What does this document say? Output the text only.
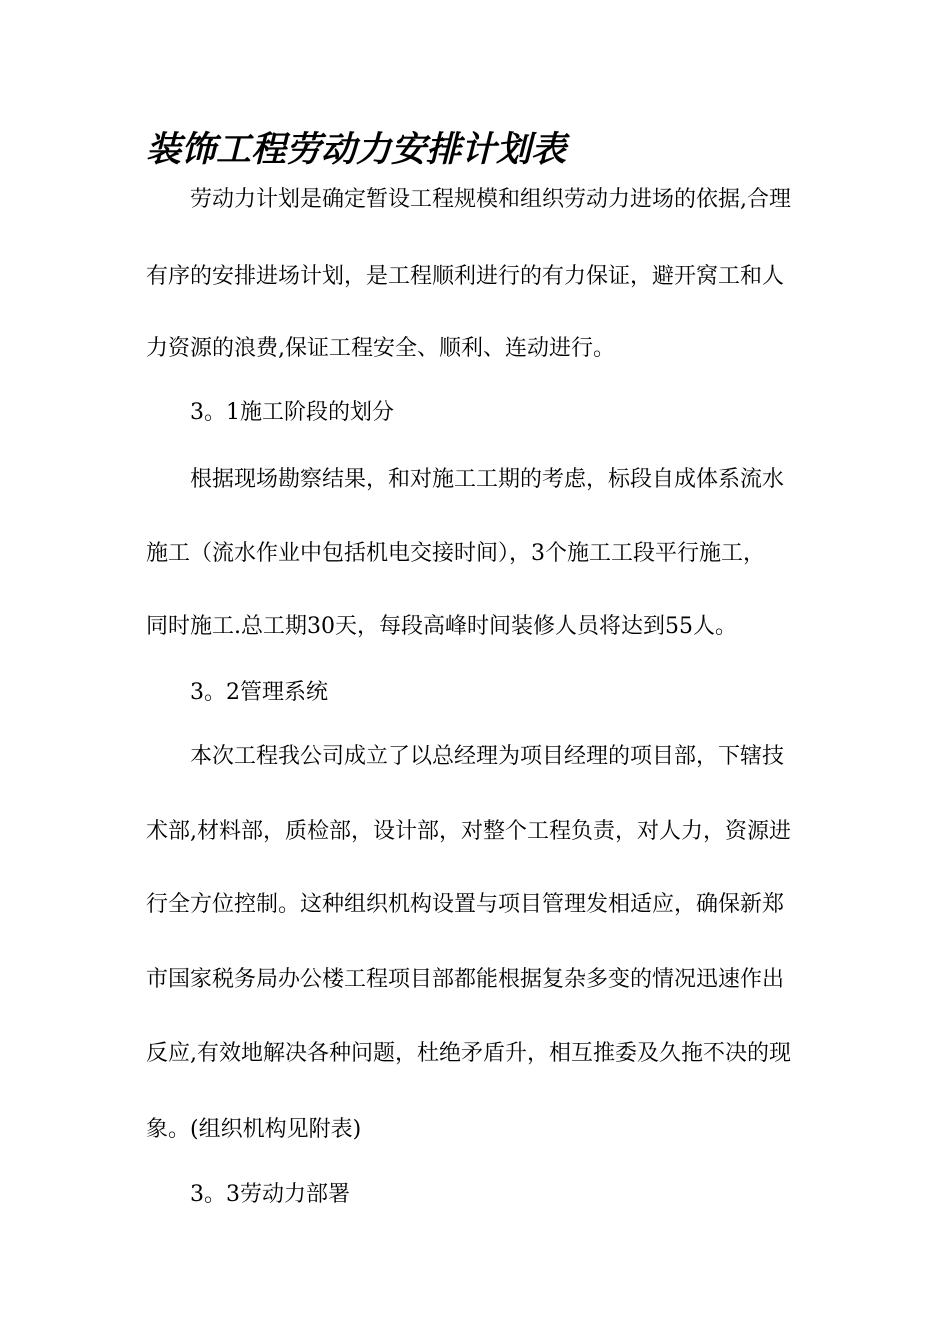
装饰工程劳动力安排计划表
劳动力计划是确定暂设工程规模和组织劳动力进场的依据,合理
有序的安排进场计划，是工程顺利进行的有力保证，避开窝工和人
力资源的浪费,保证工程安全、顺利、连动进行。
3。1施工阶段的划分
根据现场勘察结果，和对施工工期的考虑，标段自成体系流水
施工（流水作业中包括机电交接时间），3个施工工段平行施工，
同时施工.总工期30天，每段高峰时间装修人员将达到55人。
3。2管理系统
本次工程我公司成立了以总经理为项目经理的项目部，下辖技
术部,材料部，质检部，设计部，对整个工程负责，对人力，资源进
行全方位控制。这种组织机构设置与项目管理发相适应，确保新郑
市国家税务局办公楼工程项目部都能根据复杂多变的情况迅速作出
反应,有效地解决各种问题，杜绝矛盾升，相互推委及久拖不决的现
象。(组织机构见附表)
3。3劳动力部署
